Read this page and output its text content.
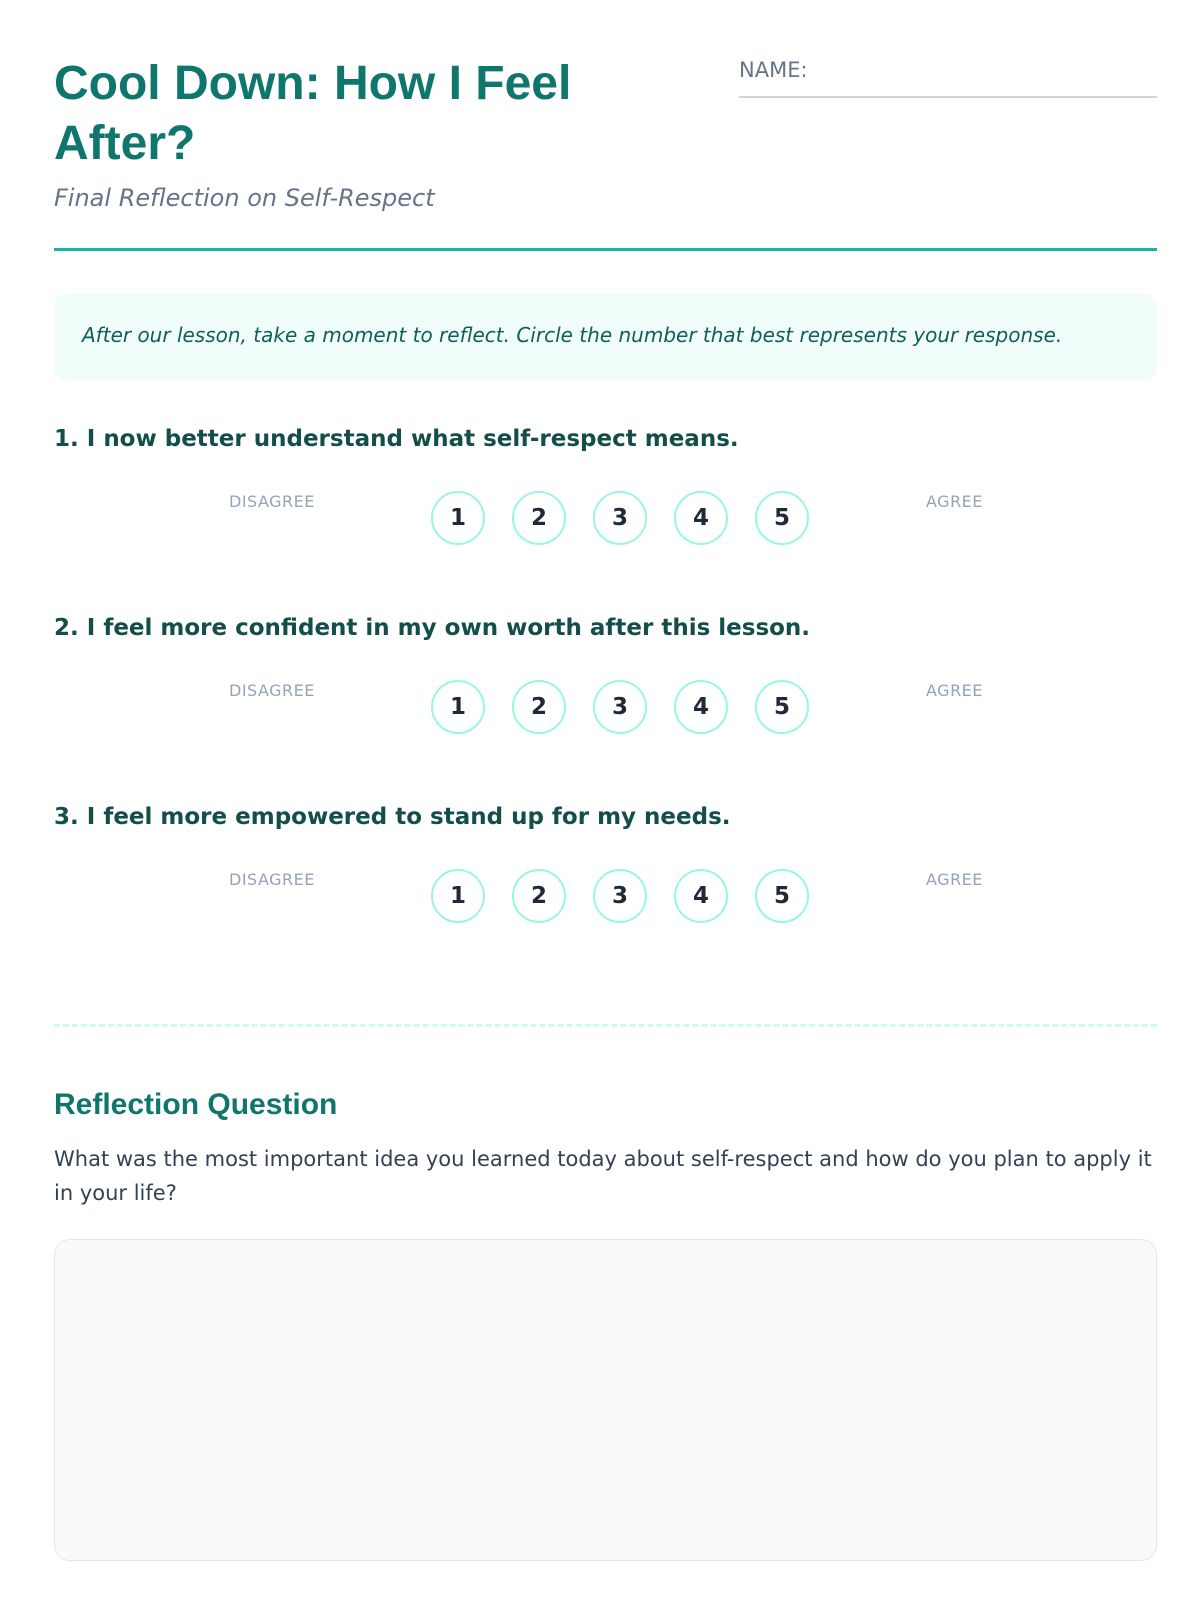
Cool Down: How I Feel After?
Final Reflection on Self-Respect
NAME:
After our lesson, take a moment to reflect. Circle the number that best represents your response.
1. I now better understand what self-respect means.
DISAGREE
1	2	3	4	5
AGREE
2. I feel more confident in my own worth after this lesson.
DISAGREE
1	2	3	4	5
AGREE
3. I feel more empowered to stand up for my needs.
DISAGREE
1	2	3	4	5
AGREE
Reflection Question
What was the most important idea you learned today about self-respect and how do you plan to apply it in your life?
